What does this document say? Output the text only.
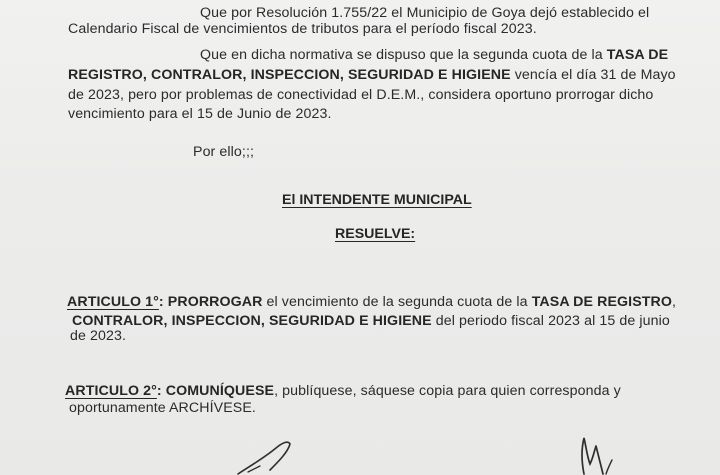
Que por Resolución 1.755/22 el Municipio de Goya dejó establecido el
Calendario Fiscal de vencimientos de tributos para el período fiscal 2023.
Que en dicha normativa se dispuso que la segunda cuota de la TASA DE
REGISTRO, CONTRALOR, INSPECCION, SEGURIDAD E HIGIENE vencía el día 31 de Mayo
de 2023, pero por problemas de conectividad el D.E.M., considera oportuno prorrogar dicho
vencimiento para el 15 de Junio de 2023.
Por ello;;;
El INTENDENTE MUNICIPAL
RESUELVE:
ARTICULO 1°: PRORROGAR el vencimiento de la segunda cuota de la TASA DE REGISTRO,
CONTRALOR, INSPECCION, SEGURIDAD E HIGIENE del periodo fiscal 2023 al 15 de junio
de 2023.
ARTICULO 2°: COMUNÍQUESE, publíquese, sáquese copia para quien corresponda y
oportunamente ARCHÍVESE.
